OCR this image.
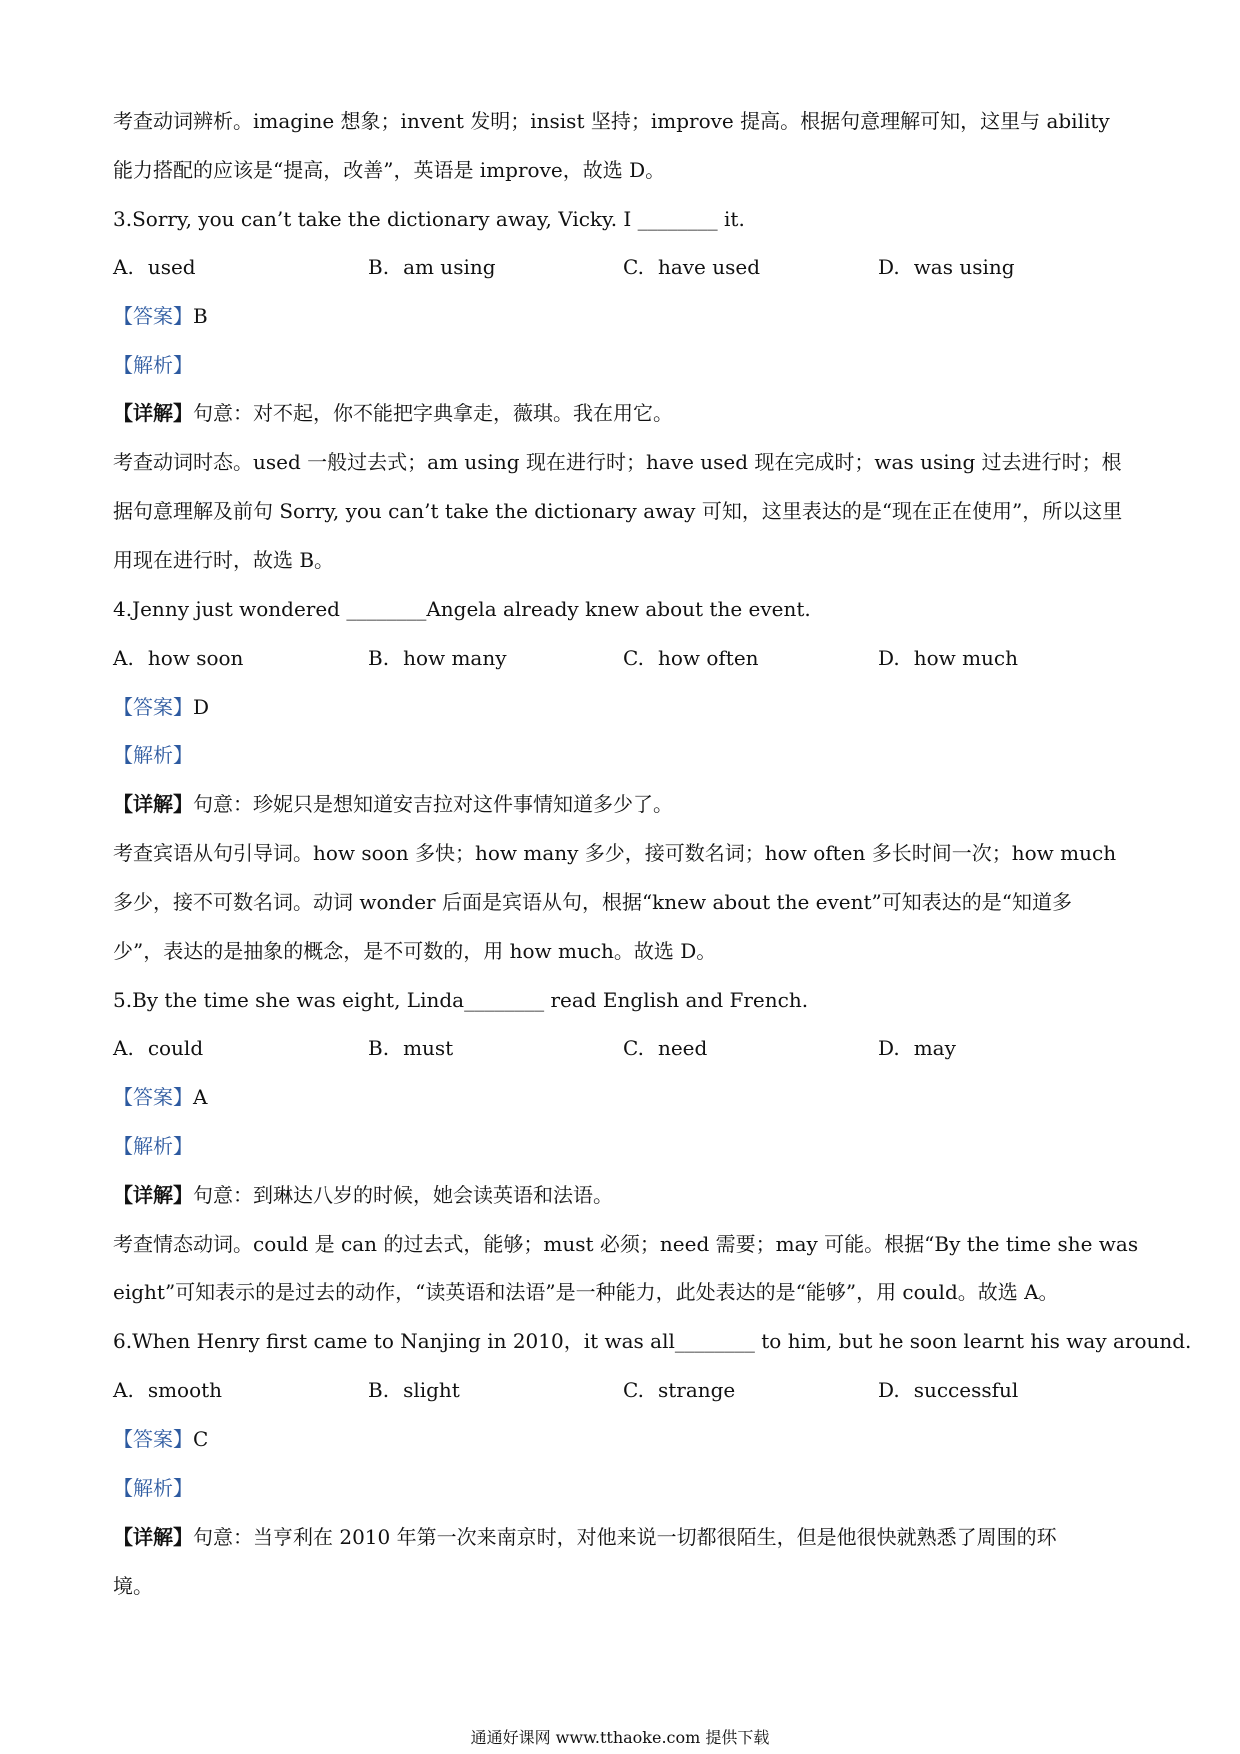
考查动词辨析。imagine 想象；invent 发明；insist 坚持；improve 提高。根据句意理解可知，这里与 ability
能力搭配的应该是“提高，改善”，英语是 improve，故选 D。
3.Sorry, you can’t take the dictionary away, Vicky. I ________ it.
A. used	B. am using	C. have used	D. was using
【答案】B
【解析】
【详解】句意：对不起，你不能把字典拿走，薇琪。我在用它。
考查动词时态。used 一般过去式；am using 现在进行时；have used 现在完成时；was using 过去进行时；根
据句意理解及前句 Sorry, you can’t take the dictionary away 可知，这里表达的是“现在正在使用”，所以这里
用现在进行时，故选 B。
4.Jenny just wondered ________Angela already knew about the event.
A. how soon	B. how many	C. how often	D. how much
【答案】D
【解析】
【详解】句意：珍妮只是想知道安吉拉对这件事情知道多少了。
考查宾语从句引导词。how soon 多快；how many 多少，接可数名词；how often 多长时间一次；how much
多少，接不可数名词。动词 wonder 后面是宾语从句，根据“knew about the event”可知表达的是“知道多
少”，表达的是抽象的概念，是不可数的，用 how much。故选 D。
5.By the time she was eight, Linda________ read English and French.
A. could	B. must	C. need	D. may
【答案】A
【解析】
【详解】句意：到琳达八岁的时候，她会读英语和法语。
考查情态动词。could 是 can 的过去式，能够；must 必须；need 需要；may 可能。根据“By the time she was
eight”可知表示的是过去的动作，“读英语和法语”是一种能力，此处表达的是“能够”，用 could。故选 A。
6.When Henry first came to Nanjing in 2010，it was all________ to him, but he soon learnt his way around.
A. smooth	B. slight	C. strange	D. successful
【答案】C
【解析】
【详解】句意：当亨利在 2010 年第一次来南京时，对他来说一切都很陌生，但是他很快就熟悉了周围的环
境。
通通好课网 www.tthaoke.com 提供下载
